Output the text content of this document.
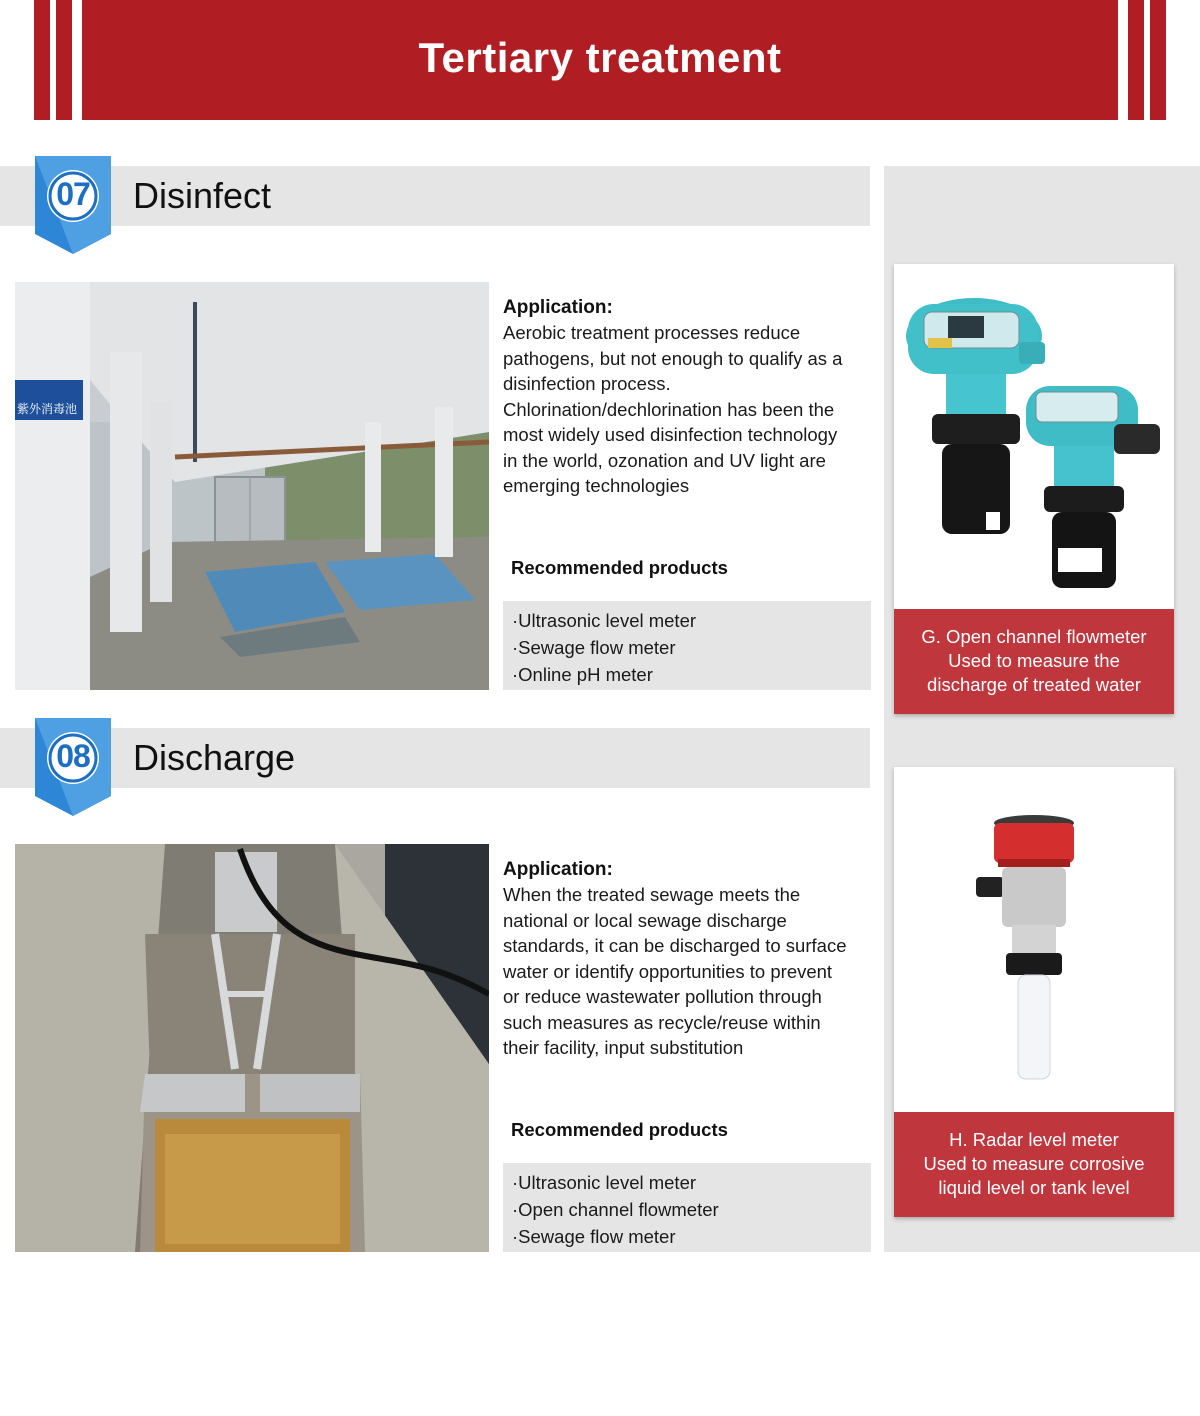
Tertiary treatment
07	Disinfect
紫外消毒池
Application:
Aerobic treatment processes reduce
pathogens, but not enough to qualify as a
disinfection process.
Chlorination/dechlorination has been the
most widely used disinfection technology
in the world, ozonation and UV light are
emerging technologies
Recommended products
·Ultrasonic level meter
·Sewage flow meter
·Online pH meter
G. Open channel flowmeter
Used to measure the
discharge of treated water
08	Discharge
Application:
When the treated sewage meets the
national or local sewage discharge
standards, it can be discharged to surface
water or identify opportunities to prevent
or reduce wastewater pollution through
such measures as recycle/reuse within
their facility, input substitution
Recommended products
·Ultrasonic level meter
·Open channel flowmeter
·Sewage flow meter
H. Radar level meter
Used to measure corrosive
liquid level or tank level
